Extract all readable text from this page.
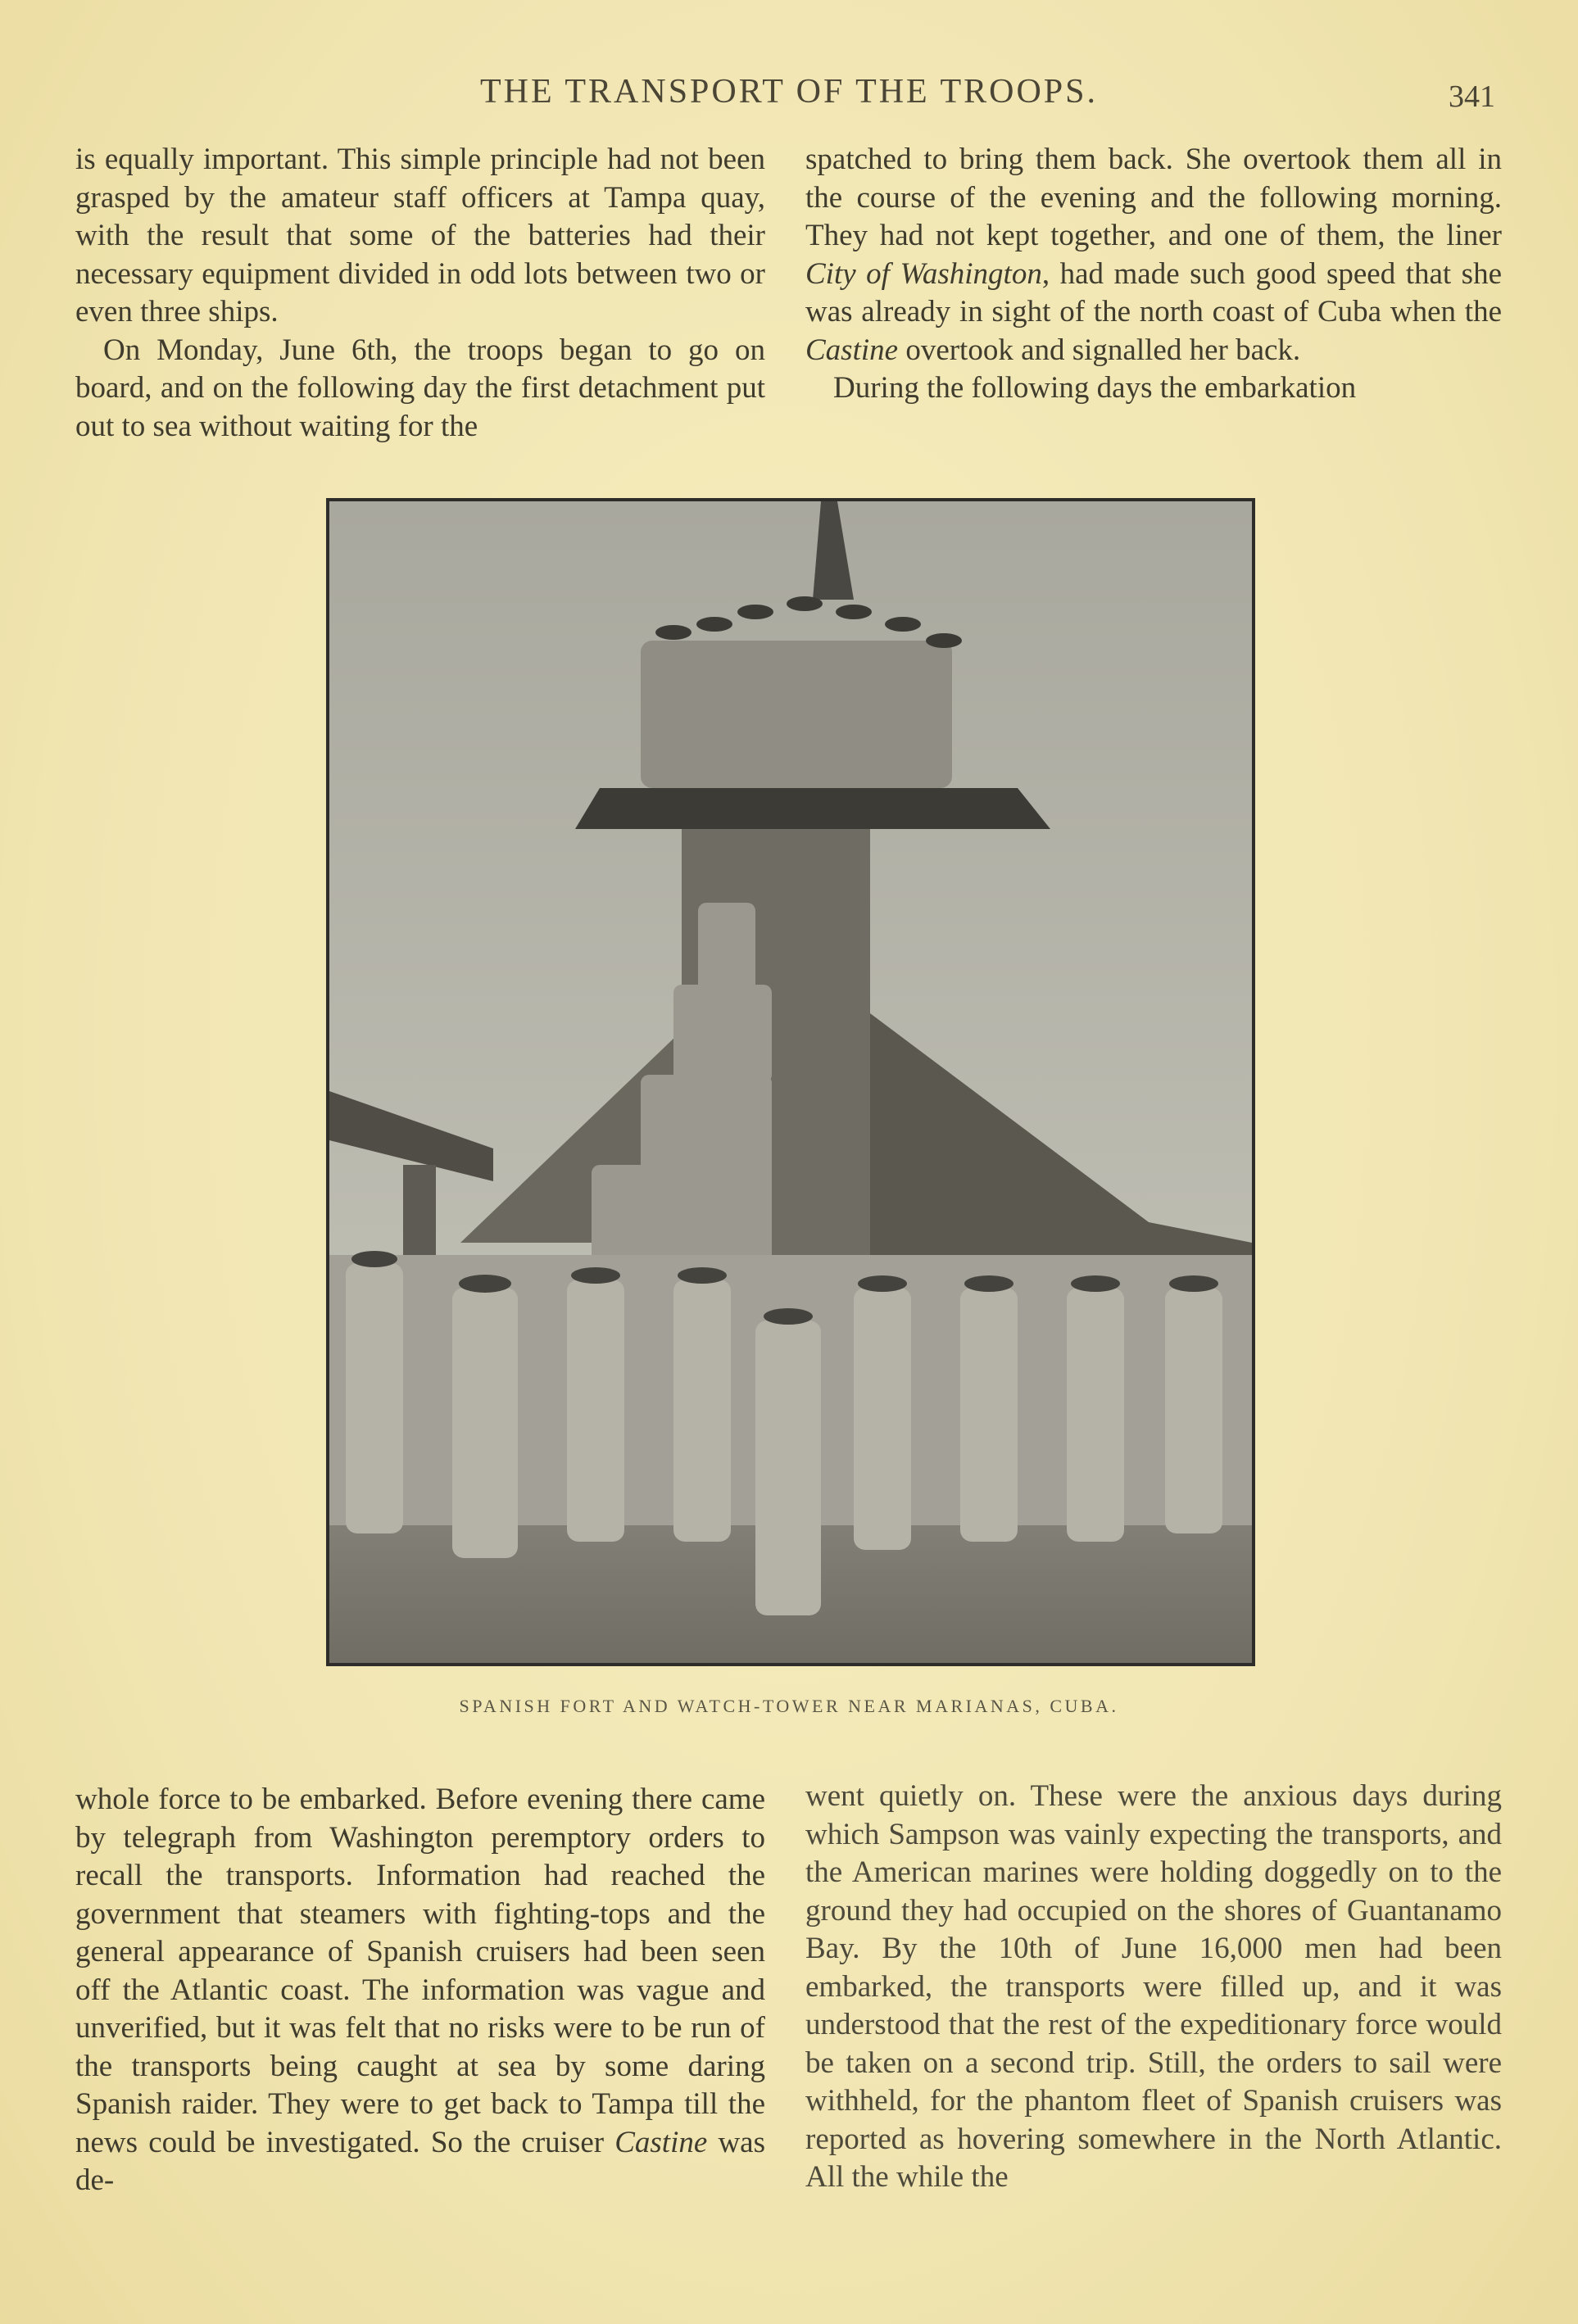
THE TRANSPORT OF THE TROOPS.	341

is equally important. This simple principle had not been grasped by the amateur staff officers at Tampa quay, with the result that some of the batteries had their necessary equipment divided in odd lots between two or even three ships.

On Monday, June 6th, the troops began to go on board, and on the following day the first detachment put out to sea without waiting for the

spatched to bring them back. She overtook them all in the course of the evening and the following morning. They had not kept together, and one of them, the liner City of Washington, had made such good speed that she was already in sight of the north coast of Cuba when the Castine overtook and signalled her back.

During the following days the embarkation

SPANISH FORT AND WATCH-TOWER NEAR MARIANAS, CUBA.

whole force to be embarked. Before evening there came by telegraph from Washington peremptory orders to recall the transports. Information had reached the government that steamers with fighting-tops and the general appearance of Spanish cruisers had been seen off the Atlantic coast. The information was vague and unverified, but it was felt that no risks were to be run of the transports being caught at sea by some daring Spanish raider. They were to get back to Tampa till the news could be investigated. So the cruiser Castine was de-

went quietly on. These were the anxious days during which Sampson was vainly expecting the transports, and the American marines were holding doggedly on to the ground they had occupied on the shores of Guantanamo Bay. By the 10th of June 16,000 men had been embarked, the transports were filled up, and it was understood that the rest of the expeditionary force would be taken on a second trip. Still, the orders to sail were withheld, for the phantom fleet of Spanish cruisers was reported as hovering somewhere in the North Atlantic. All the while the
